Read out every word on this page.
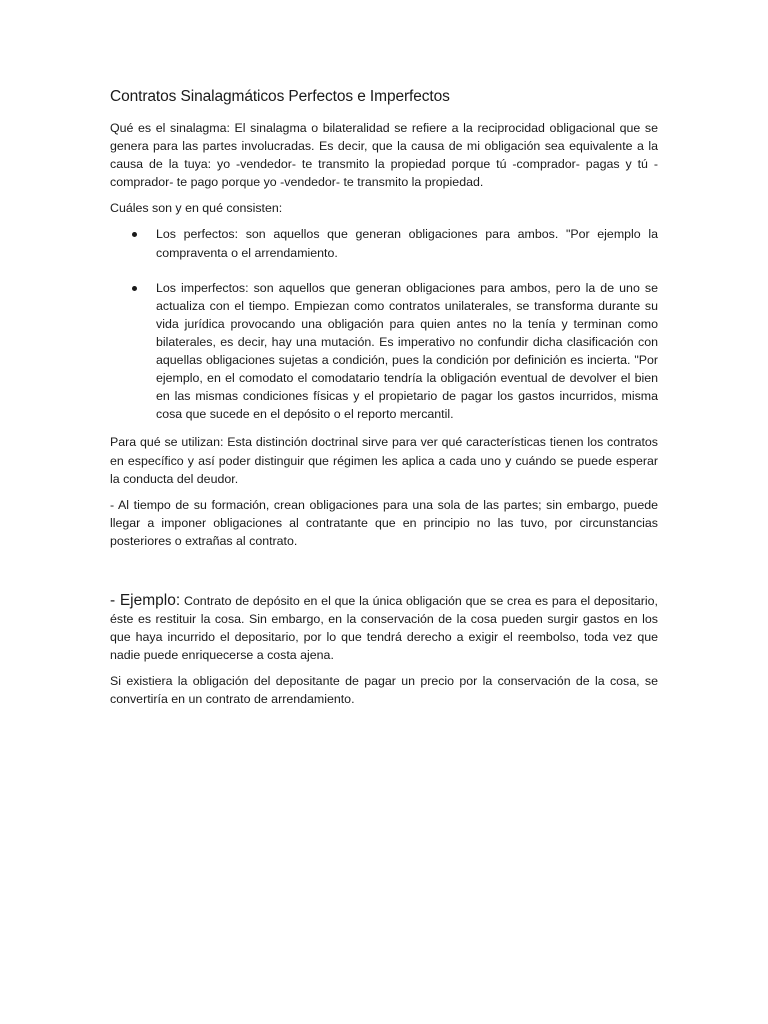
Contratos Sinalagmáticos Perfectos e Imperfectos

Qué es el sinalagma: El sinalagma o bilateralidad se refiere a la reciprocidad obligacional que se genera para las partes involucradas. Es decir, que la causa de mi obligación sea equivalente a la causa de la tuya: yo -vendedor- te transmito la propiedad porque tú -comprador- pagas y tú -comprador- te pago porque yo -vendedor- te transmito la propiedad.

Cuáles son y en qué consisten:

Los perfectos: son aquellos que generan obligaciones para ambos. "Por ejemplo la compraventa o el arrendamiento.
Los imperfectos: son aquellos que generan obligaciones para ambos, pero la de uno se actualiza con el tiempo. Empiezan como contratos unilaterales, se transforma durante su vida jurídica provocando una obligación para quien antes no la tenía y terminan como bilaterales, es decir, hay una mutación. Es imperativo no confundir dicha clasificación con aquellas obligaciones sujetas a condición, pues la condición por definición es incierta. "Por ejemplo, en el comodato el comodatario tendría la obligación eventual de devolver el bien en las mismas condiciones físicas y el propietario de pagar los gastos incurridos, misma cosa que sucede en el depósito o el reporto mercantil.

Para qué se utilizan: Esta distinción doctrinal sirve para ver qué características tienen los contratos en específico y así poder distinguir que régimen les aplica a cada uno y cuándo se puede esperar la conducta del deudor.

- Al tiempo de su formación, crean obligaciones para una sola de las partes; sin embargo, puede llegar a imponer obligaciones al contratante que en principio no las tuvo, por circunstancias posteriores o extrañas al contrato.

- Ejemplo: Contrato de depósito en el que la única obligación que se crea es para el depositario, éste es restituir la cosa. Sin embargo, en la conservación de la cosa pueden surgir gastos en los que haya incurrido el depositario, por lo que tendrá derecho a exigir el reembolso, toda vez que nadie puede enriquecerse a costa ajena.

Si existiera la obligación del depositante de pagar un precio por la conservación de la cosa, se convertiría en un contrato de arrendamiento.
